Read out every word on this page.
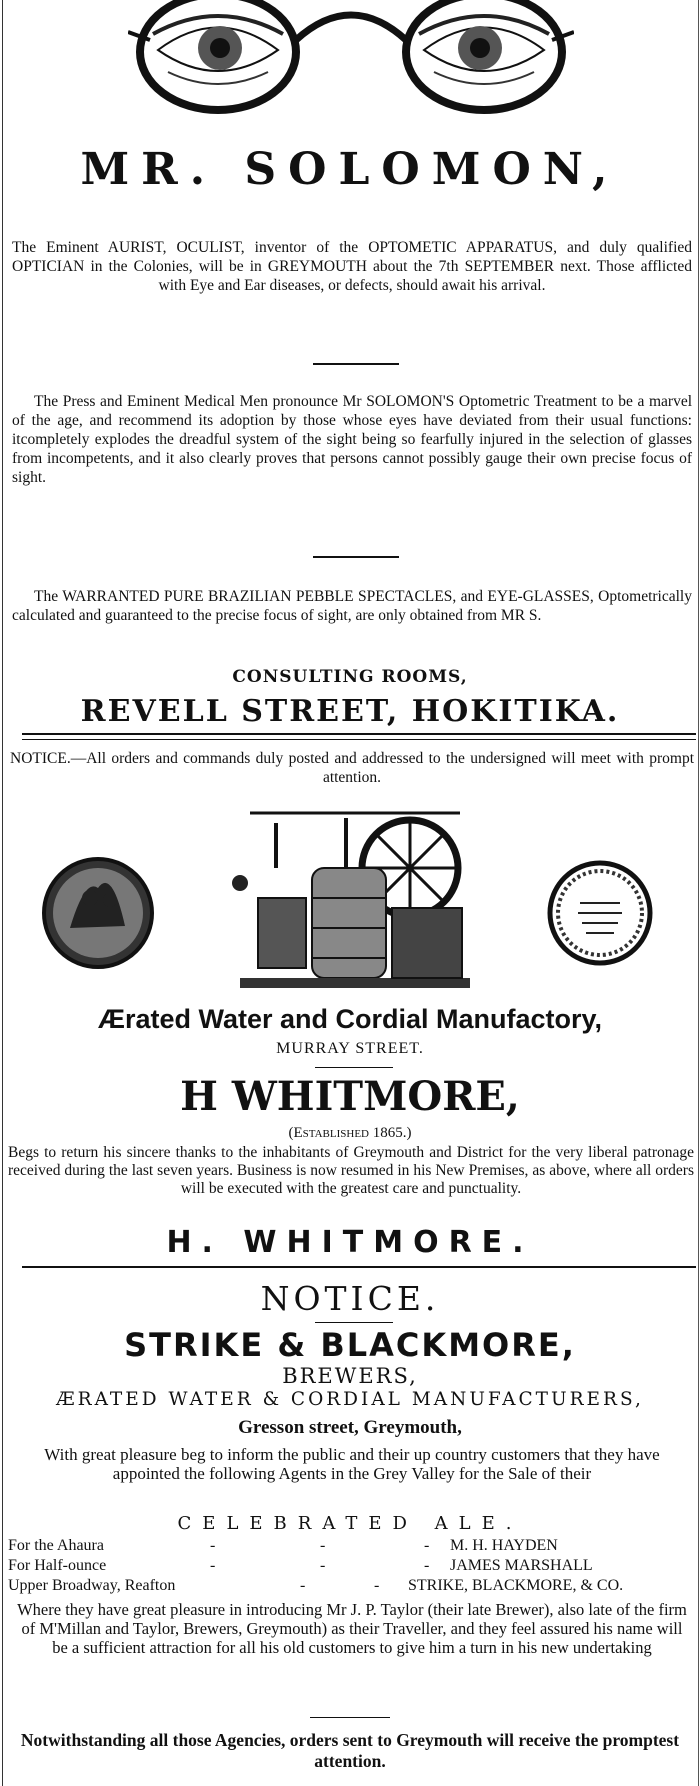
MR. SOLOMON,
The Eminent AURIST, OCULIST, inventor of the OPTOMETIC APPARATUS, and duly qualified OPTICIAN in the Colonies, will be in GREYMOUTH about the 7th SEPTEMBER next. Those afflicted with Eye and Ear diseases, or defects, should await his arrival.
The Press and Eminent Medical Men pronounce Mr SOLOMON'S Optometric Treatment to be a marvel of the age, and recommend its adoption by those whose eyes have deviated from their usual functions: itcompletely explodes the dreadful system of the sight being so fearfully injured in the selection of glasses from incompetents, and it also clearly proves that persons cannot possibly gauge their own precise focus of sight.
The WARRANTED PURE BRAZILIAN PEBBLE SPECTACLES, and EYE-GLASSES, Optometrically calculated and guaranteed to the precise focus of sight, are only obtained from MR S.
CONSULTING ROOMS,
REVELL STREET, HOKITIKA.
NOTICE.—All orders and commands duly posted and addressed to the undersigned will meet with prompt attention.
Ærated Water and Cordial Manufactory,
MURRAY STREET.
H WHITMORE,
(Established 1865.)
Begs to return his sincere thanks to the inhabitants of Greymouth and District for the very liberal patronage received during the last seven years. Business is now resumed in his New Premises, as above, where all orders will be executed with the greatest care and punctuality.
H. WHITMORE.
NOTICE.
STRIKE & BLACKMORE,
BREWERS,
ÆRATED WATER & CORDIAL MANUFACTURERS,
Gresson street, Greymouth,
With great pleasure beg to inform the public and their up country customers that they have appointed the following Agents in the Grey Valley for the Sale of their
CELEBRATED ALE.
For the Ahaura	-	-	- M. H. HAYDEN
For Half-ounce	-	-	- JAMES MARSHALL
Upper Broadway, Reafton	-	- STRIKE, BLACKMORE, & CO.
Where they have great pleasure in introducing Mr J. P. Taylor (their late Brewer), also late of the firm of M'Millan and Taylor, Brewers, Greymouth) as their Traveller, and they feel assured his name will be a sufficient attraction for all his old customers to give him a turn in his new undertaking
Notwithstanding all those Agencies, orders sent to Greymouth will receive the promptest attention.
